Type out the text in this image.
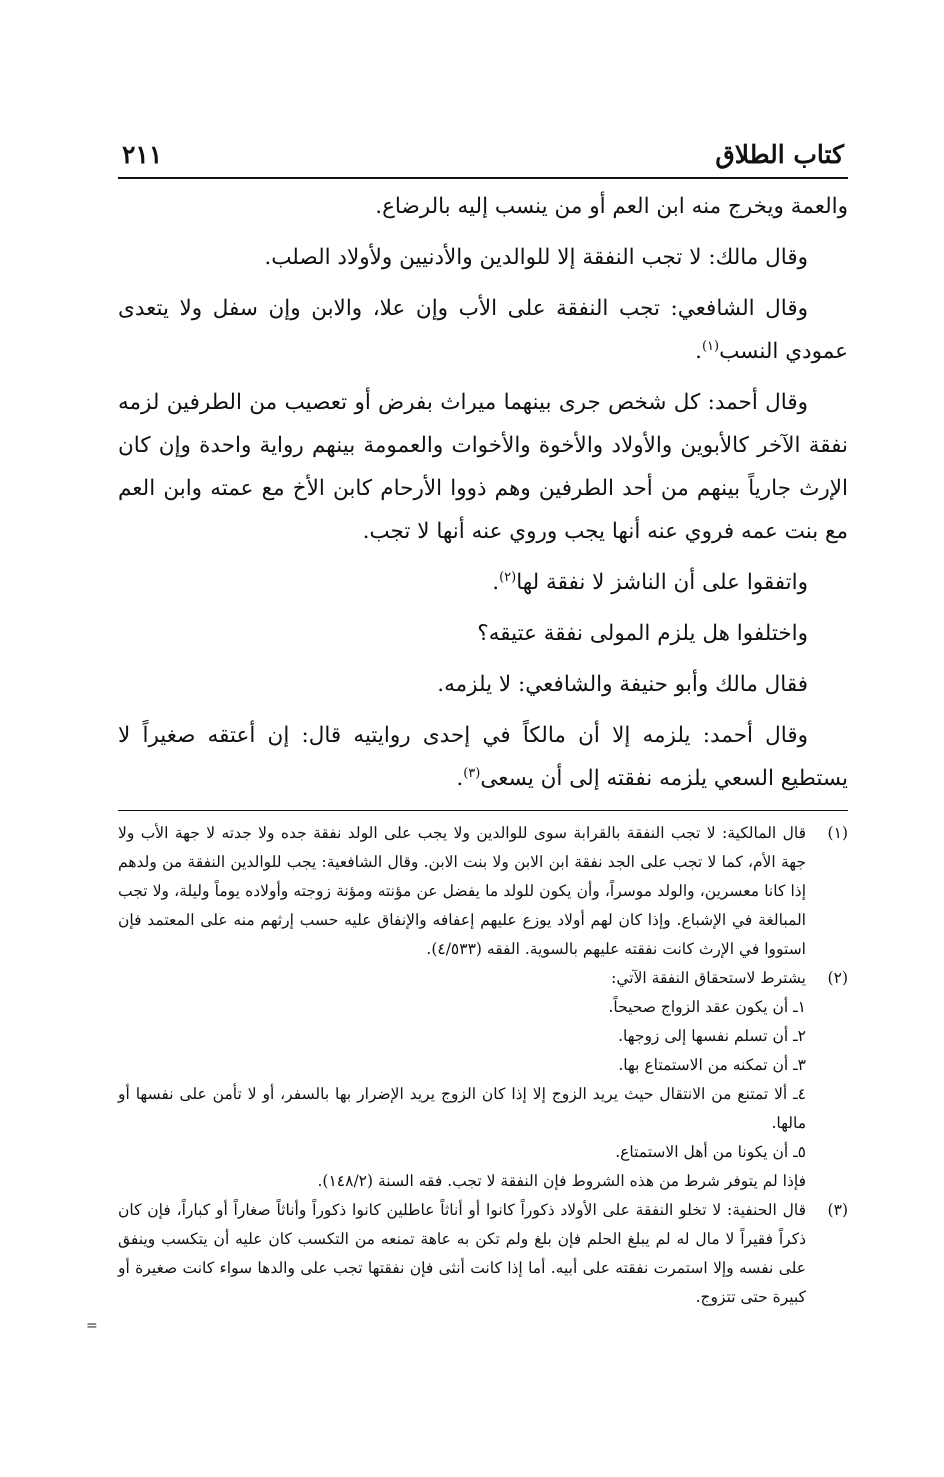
كتاب الطلاق
٢١١

والعمة ويخرج منه ابن العم أو من ينسب إليه بالرضاع.

وقال مالك: لا تجب النفقة إلا للوالدين والأدنيين ولأولاد الصلب.

وقال الشافعي: تجب النفقة على الأب وإن علا، والابن وإن سفل ولا يتعدى عمودي النسب$^{(١)}$.

وقال أحمد: كل شخص جرى بينهما ميراث بفرض أو تعصيب من الطرفين لزمه نفقة الآخر كالأبوين والأولاد والأخوة والأخوات والعمومة بينهم رواية واحدة وإن كان الإرث جارياً بينهم من أحد الطرفين وهم ذووا الأرحام كابن الأخ مع عمته وابن العم مع بنت عمه فروي عنه أنها يجب وروي عنه أنها لا تجب.

واتفقوا على أن الناشز لا نفقة لها$^{(٢)}$.

واختلفوا هل يلزم المولى نفقة عتيقه؟

فقال مالك وأبو حنيفة والشافعي: لا يلزمه.

وقال أحمد: يلزمه إلا أن مالكاً في إحدى روايتيه قال: إن أعتقه صغيراً لا يستطيع السعي يلزمه نفقته إلى أن يسعى$^{(٣)}$.

(١)
قال المالكية: لا تجب النفقة بالقرابة سوى للوالدين ولا يجب على الولد نفقة جده ولا جدته لا جهة الأب ولا جهة الأم، كما لا تجب على الجد نفقة ابن الابن ولا بنت الابن. وقال الشافعية: يجب للوالدين النفقة من ولدهم إذا كانا معسرين، والولد موسراً، وأن يكون للولد ما يفضل عن مؤنته ومؤنة زوجته وأولاده يوماً وليلة، ولا تجب المبالغة في الإشباع. وإذا كان لهم أولاد يوزع عليهم إعفافه والإنفاق عليه حسب إرثهم منه على المعتمد فإن استووا في الإرث كانت نفقته عليهم بالسوية. الفقه (٤/٥٣٣).
(٢)
يشترط لاستحقاق النفقة الآتي:
١ـ أن يكون عقد الزواج صحيحاً.
٢ـ أن تسلم نفسها إلى زوجها.
٣ـ أن تمكنه من الاستمتاع بها.
٤ـ ألا تمتنع من الانتقال حيث يريد الزوج إلا إذا كان الزوج يريد الإضرار بها بالسفر، أو لا تأمن على نفسها أو مالها.
٥ـ أن يكونا من أهل الاستمتاع.
فإذا لم يتوفر شرط من هذه الشروط فإن النفقة لا تجب. فقه السنة (١٤٨/٢).
(٣)
قال الحنفية: لا تخلو النفقة على الأولاد ذكوراً كانوا أو أناثاً عاطلين كانوا ذكوراً وأناثاً صغاراً أو كباراً، فإن كان ذكراً فقيراً لا مال له لم يبلغ الحلم فإن بلغ ولم تكن به عاهة تمنعه من التكسب كان عليه أن يتكسب وينفق على نفسه وإلا استمرت نفقته على أبيه. أما إذا كانت أنثى فإن نفقتها تجب على والدها سواء كانت صغيرة أو كبيرة حتى تتزوج.
=
